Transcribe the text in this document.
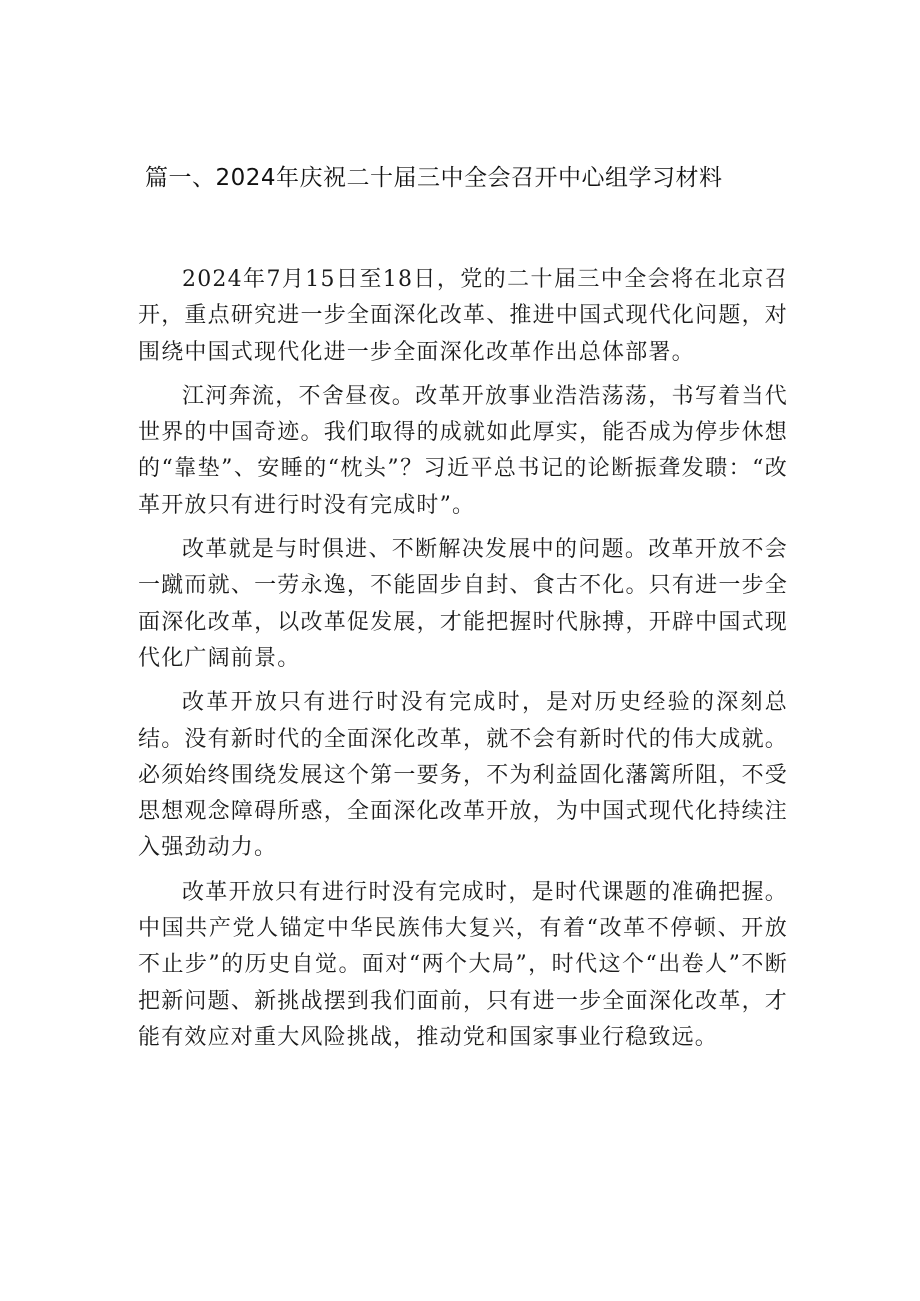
篇一、2024年庆祝二十届三中全会召开中心组学习材料

2024年7月15日至18日，党的二十届三中全会将在北京召开，重点研究进一步全面深化改革、推进中国式现代化问题，对围绕中国式现代化进一步全面深化改革作出总体部署。

江河奔流，不舍昼夜。改革开放事业浩浩荡荡，书写着当代世界的中国奇迹。我们取得的成就如此厚实，能否成为停步休想的“靠垫”、安睡的“枕头”？习近平总书记的论断振聋发聩：“改革开放只有进行时没有完成时”。

改革就是与时俱进、不断解决发展中的问题。改革开放不会一蹴而就、一劳永逸，不能固步自封、食古不化。只有进一步全面深化改革，以改革促发展，才能把握时代脉搏，开辟中国式现代化广阔前景。

改革开放只有进行时没有完成时，是对历史经验的深刻总结。没有新时代的全面深化改革，就不会有新时代的伟大成就。必须始终围绕发展这个第一要务，不为利益固化藩篱所阻，不受思想观念障碍所惑，全面深化改革开放，为中国式现代化持续注入强劲动力。

改革开放只有进行时没有完成时，是时代课题的准确把握。中国共产党人锚定中华民族伟大复兴，有着“改革不停顿、开放不止步”的历史自觉。面对“两个大局”，时代这个“出卷人”不断把新问题、新挑战摆到我们面前，只有进一步全面深化改革，才能有效应对重大风险挑战，推动党和国家事业行稳致远。
